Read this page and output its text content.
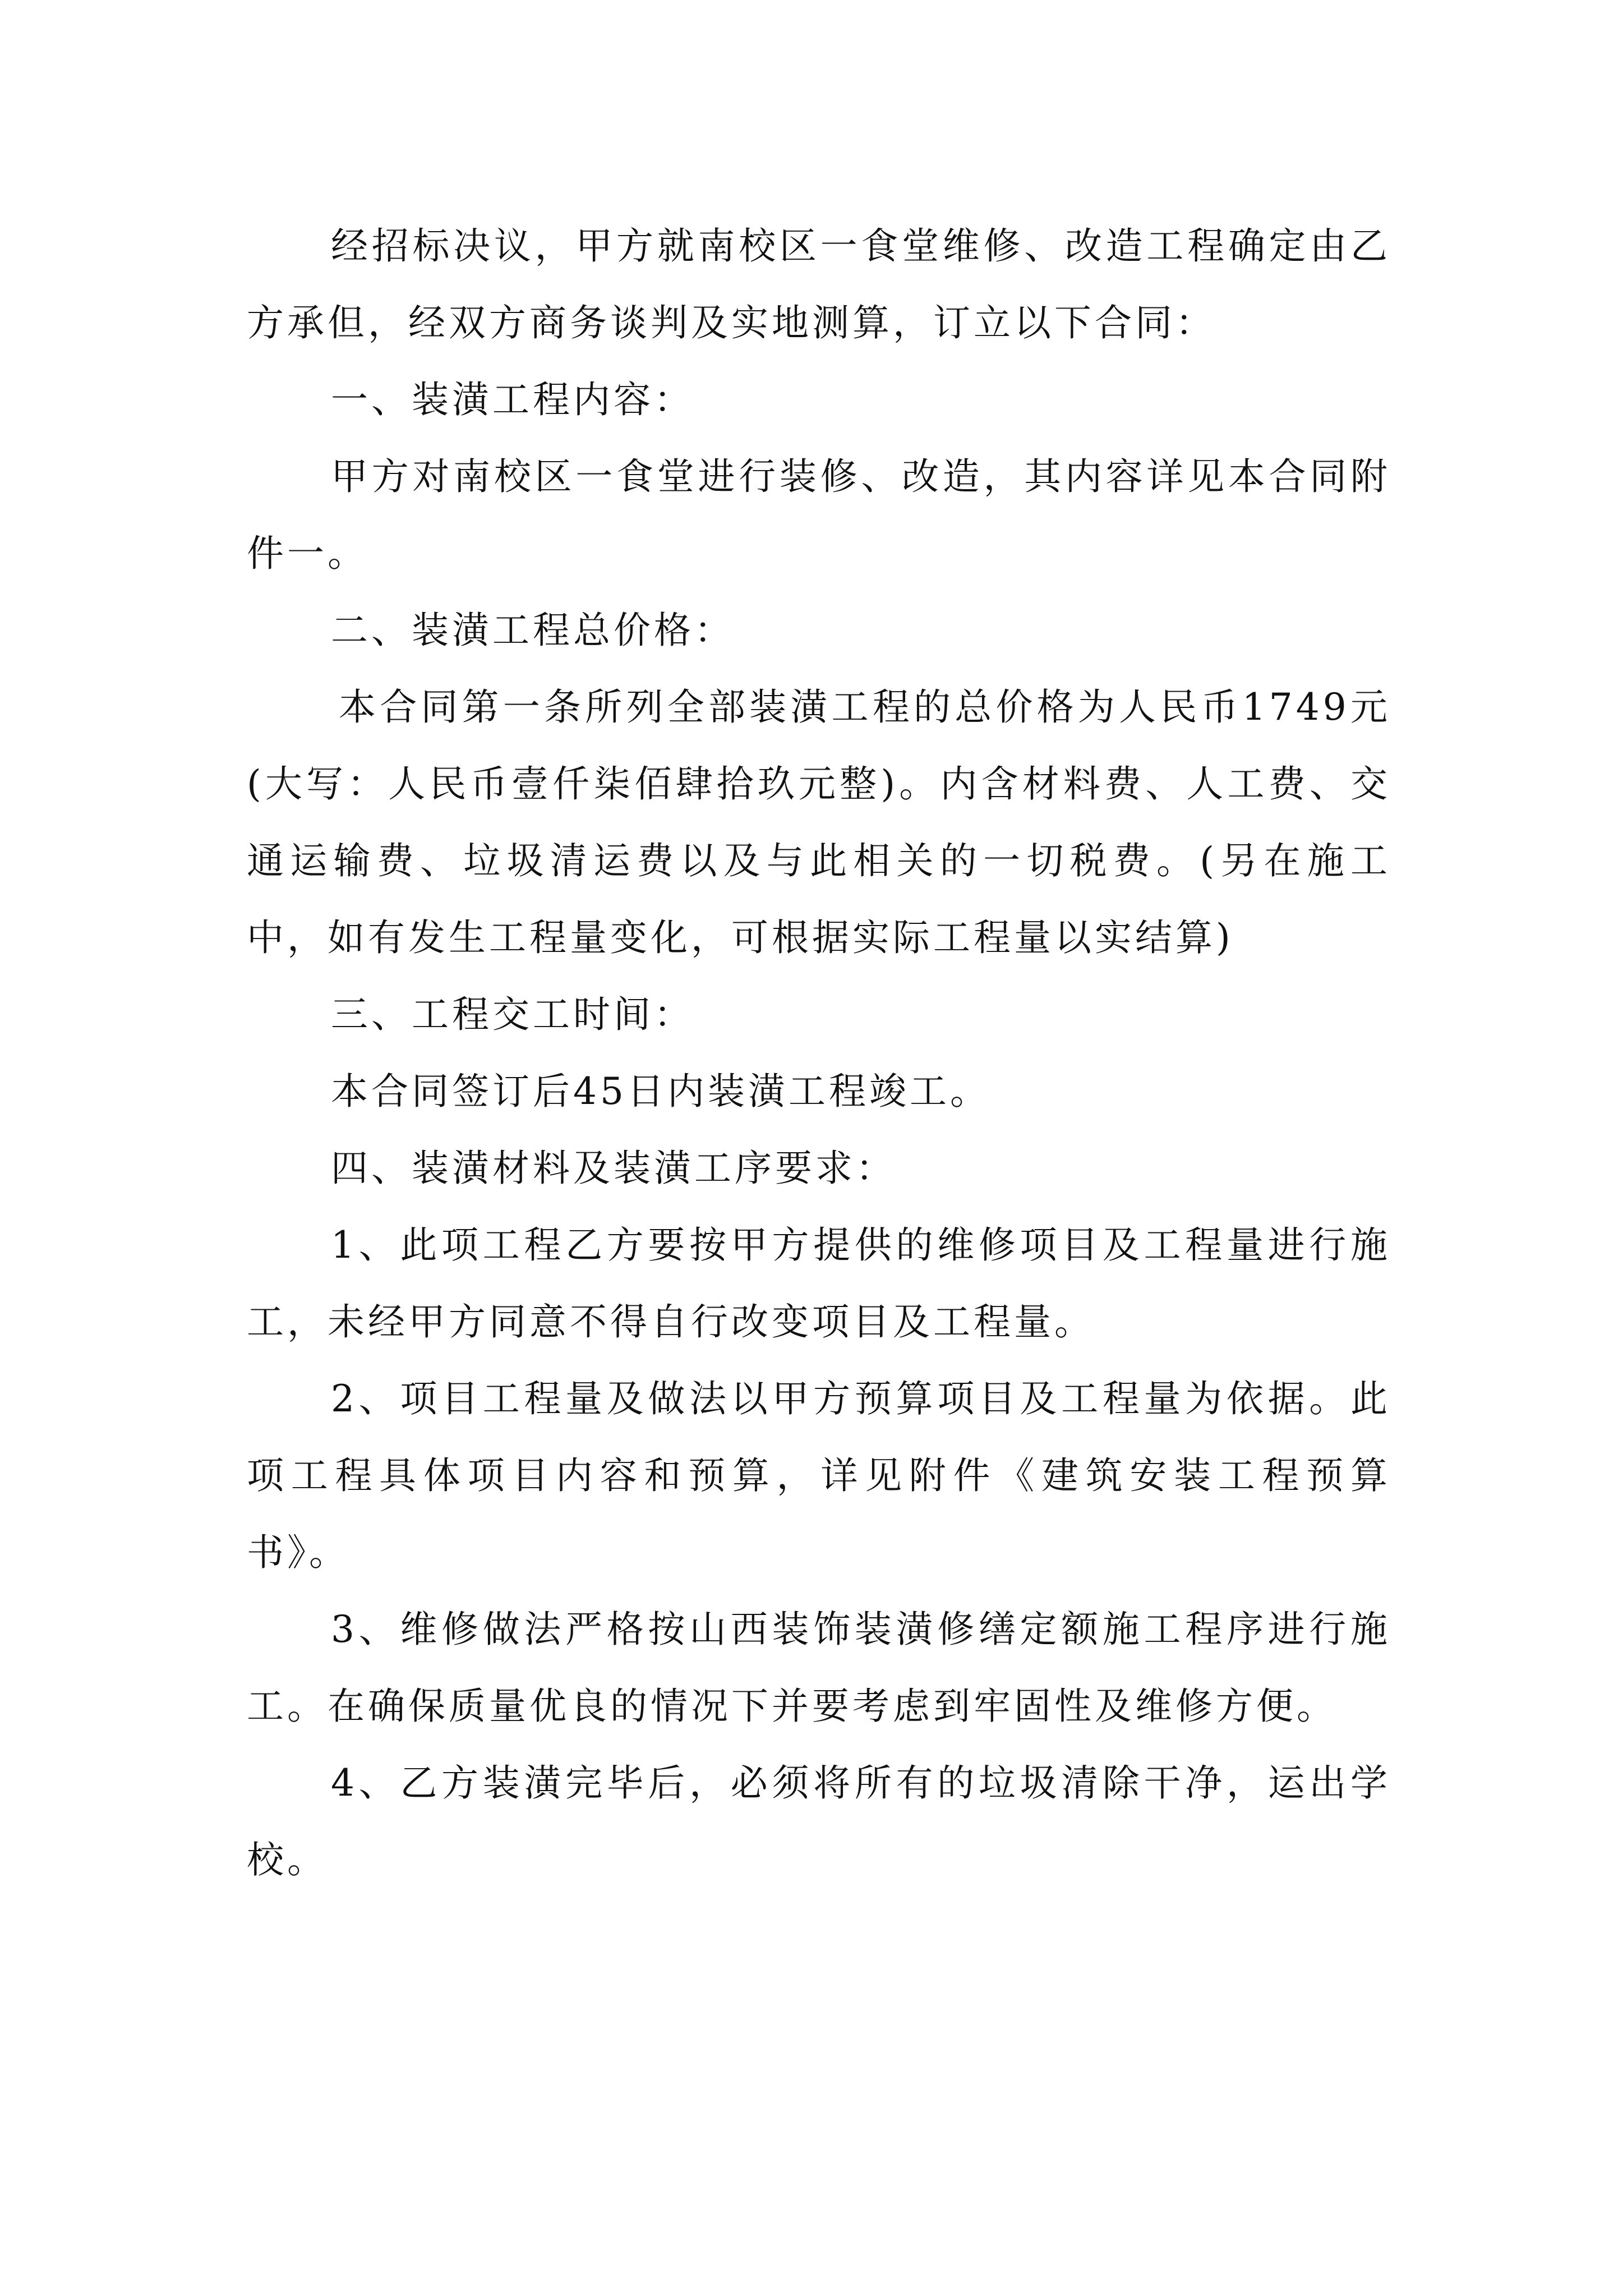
经招标决议，甲方就南校区一食堂维修、改造工程确定由乙方承但，经双方商务谈判及实地测算，订立以下合同：

一、装潢工程内容：

甲方对南校区一食堂进行装修、改造，其内容详见本合同附件一。

二、装潢工程总价格：

本合同第一条所列全部装潢工程的总价格为人民币1749元(大写：人民币壹仟柒佰肆拾玖元整)。内含材料费、人工费、交通运输费、垃圾清运费以及与此相关的一切税费。(另在施工中，如有发生工程量变化，可根据实际工程量以实结算)

三、工程交工时间：

本合同签订后45日内装潢工程竣工。

四、装潢材料及装潢工序要求：

1、此项工程乙方要按甲方提供的维修项目及工程量进行施工，未经甲方同意不得自行改变项目及工程量。

2、项目工程量及做法以甲方预算项目及工程量为依据。此项工程具体项目内容和预算，详见附件《建筑安装工程预算书》。

3、维修做法严格按山西装饰装潢修缮定额施工程序进行施工。在确保质量优良的情况下并要考虑到牢固性及维修方便。

4、乙方装潢完毕后，必须将所有的垃圾清除干净，运出学校。
